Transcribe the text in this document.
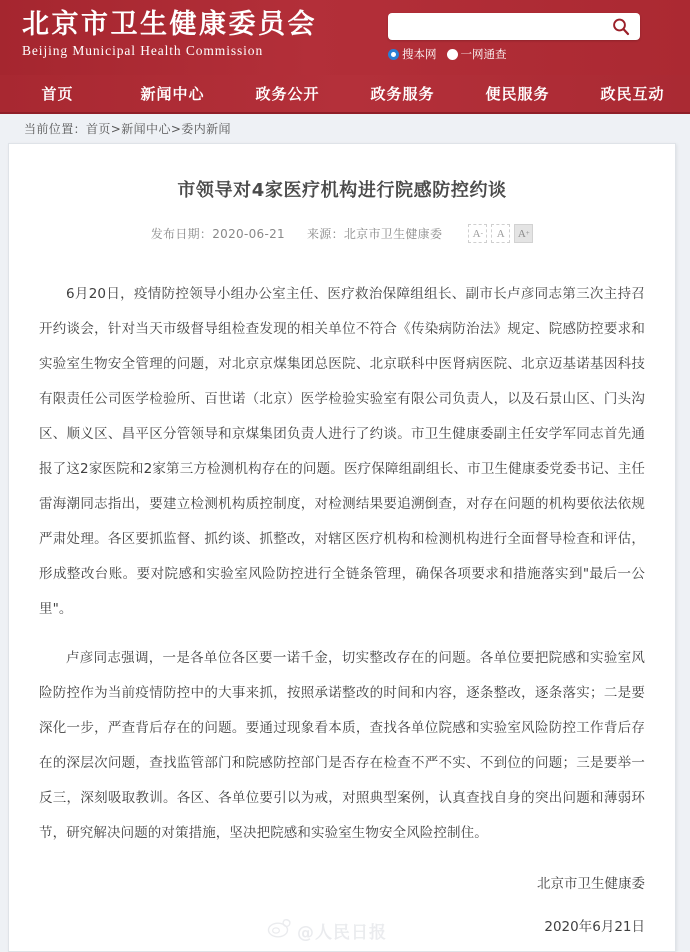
北京市卫生健康委员会
Beijing Municipal Health Commission	搜本网 一网通查
首页	新闻中心	政务公开	政务服务	便民服务	政民互动
当前位置：首页>新闻中心>委内新闻
市领导对4家医疗机构进行院感防控约谈
发布日期：2020-06-21 来源：北京市卫生健康委	A - A A +

6月20日，疫情防控领导小组办公室主任、医疗救治保障组组长、副市长卢彦同志第三次主持召开约谈会，针对当天市级督导组检查发现的相关单位不符合《传染病防治法》规定、院感防控要求和实验室生物安全管理的问题，对北京京煤集团总医院、北京联科中医肾病医院、北京迈基诺基因科技有限责任公司医学检验所、百世诺（北京）医学检验实验室有限公司负责人，以及石景山区、门头沟区、顺义区、昌平区分管领导和京煤集团负责人进行了约谈。市卫生健康委副主任安学军同志首先通报了这2家医院和2家第三方检测机构存在的问题。医疗保障组副组长、市卫生健康委党委书记、主任雷海潮同志指出，要建立检测机构质控制度，对检测结果要追溯倒查，对存在问题的机构要依法依规严肃处理。各区要抓监督、抓约谈、抓整改，对辖区医疗机构和检测机构进行全面督导检查和评估，形成整改台账。要对院感和实验室风险防控进行全链条管理，确保各项要求和措施落实到"最后一公里"。

卢彦同志强调，一是各单位各区要一诺千金，切实整改存在的问题。各单位要把院感和实验室风险防控作为当前疫情防控中的大事来抓，按照承诺整改的时间和内容，逐条整改，逐条落实；二是要深化一步，严查背后存在的问题。要通过现象看本质，查找各单位院感和实验室风险防控工作背后存在的深层次问题，查找监管部门和院感防控部门是否存在检查不严不实、不到位的问题；三是要举一反三，深刻吸取教训。各区、各单位要引以为戒，对照典型案例，认真查找自身的突出问题和薄弱环节，研究解决问题的对策措施，坚决把院感和实验室生物安全风险控制住。

北京市卫生健康委
2020年6月21日
@人民日报
